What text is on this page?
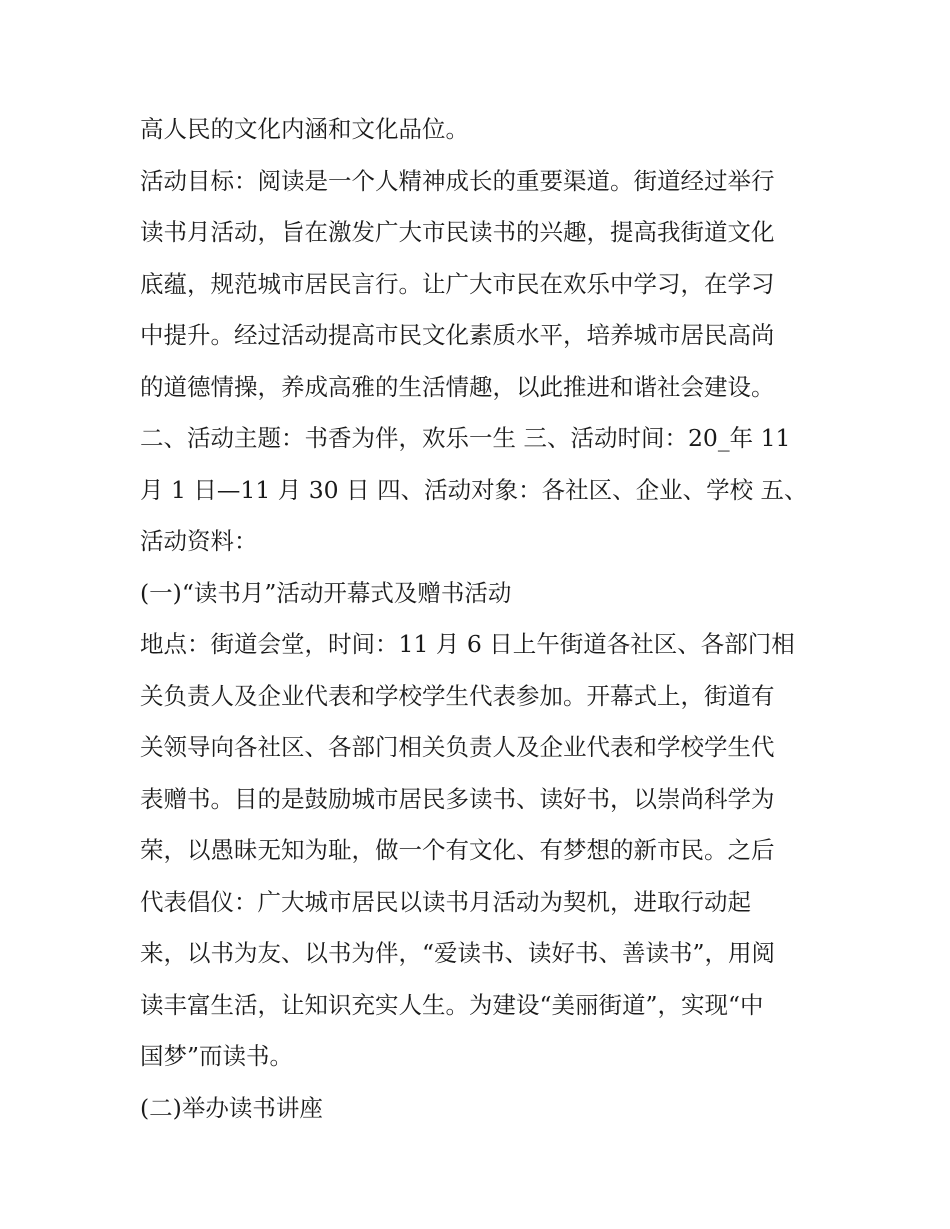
高人民的文化内涵和文化品位。
活动目标：阅读是一个人精神成长的重要渠道。街道经过举行
读书月活动，旨在激发广大市民读书的兴趣，提高我街道文化
底蕴，规范城市居民言行。让广大市民在欢乐中学习，在学习
中提升。经过活动提高市民文化素质水平，培养城市居民高尚
的道德情操，养成高雅的生活情趣，以此推进和谐社会建设。
二、活动主题：书香为伴，欢乐一生 三、活动时间：20_年 11
月 1 日—11 月 30 日 四、活动对象：各社区、企业、学校 五、
活动资料：
(一)“读书月”活动开幕式及赠书活动
地点：街道会堂，时间：11 月 6 日上午街道各社区、各部门相
关负责人及企业代表和学校学生代表参加。开幕式上，街道有
关领导向各社区、各部门相关负责人及企业代表和学校学生代
表赠书。目的是鼓励城市居民多读书、读好书，以崇尚科学为
荣，以愚昧无知为耻，做一个有文化、有梦想的新市民。之后
代表倡仪：广大城市居民以读书月活动为契机，进取行动起
来，以书为友、以书为伴，“爱读书、读好书、善读书”，用阅
读丰富生活，让知识充实人生。为建设“美丽街道”，实现“中
国梦”而读书。
(二)举办读书讲座
